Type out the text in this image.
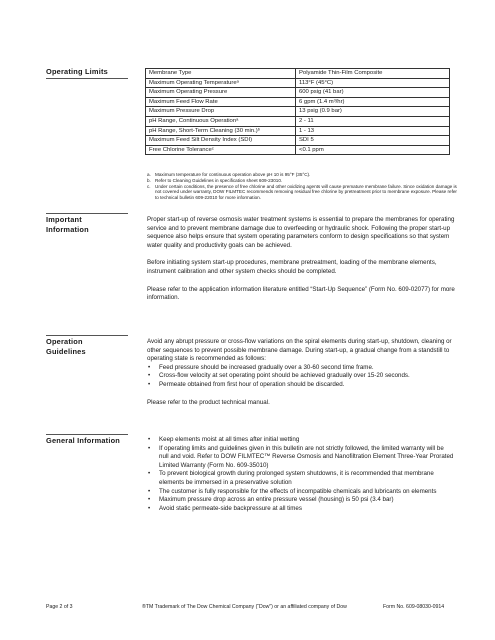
Operating Limits	Membrane Type	Polyamide Thin-Film Composite
Maximum Operating Temperatureᵃ	113°F (45°C)
Maximum Operating Pressure	600 psig (41 bar)
Maximum Feed Flow Rate	6 gpm (1.4 m³/hr)
Maximum Pressure Drop	13 psig (0.9 bar)
pH Range, Continuous Operationᵃ	2 - 11
pH Range, Short-Term Cleaning (30 min.)ᵇ	1 - 13
Maximum Feed Silt Density Index (SDI)	SDI 5
Free Chlorine Toleranceᶜ	<0.1 ppm
a. Maximum temperature for continuous operation above pH 10 is 95°F (35°C).
b. Refer to Cleaning Guidelines in specification sheet 609-23010.
c. Under certain conditions, the presence of free chlorine and other oxidizing agents will cause premature membrane failure. Since oxidation damage is not covered under warranty, DOW FILMTEC recommends removing residual free chlorine by pretreatment prior to membrane exposure. Please refer to technical bulletin 609-22010 for more information.
Important
Information

Proper start-up of reverse osmosis water treatment systems is essential to prepare the membranes for operating service and to prevent membrane damage due to overfeeding or hydraulic shock. Following the proper start-up sequence also helps ensure that system operating parameters conform to design specifications so that system water quality and productivity goals can be achieved.

Before initiating system start-up procedures, membrane pretreatment, loading of the membrane elements, instrument calibration and other system checks should be completed.

Please refer to the application information literature entitled “Start-Up Sequence” (Form No. 609-02077) for more information.

Operation
Guidelines

Avoid any abrupt pressure or cross-flow variations on the spiral elements during start-up, shutdown, cleaning or other sequences to prevent possible membrane damage. During start-up, a gradual change from a standstill to operating state is recommended as follows:

• Feed pressure should be increased gradually over a 30-60 second time frame.
• Cross-flow velocity at set operating point should be achieved gradually over 15-20 seconds.
• Permeate obtained from first hour of operation should be discarded.

Please refer to the product technical manual.

General Information	• Keep elements moist at all times after initial wetting
• If operating limits and guidelines given in this bulletin are not strictly followed, the limited warranty will be null and void. Refer to DOW FILMTEC™ Reverse Osmosis and Nanofiltration Element Three-Year Prorated Limited Warranty (Form No. 609-35010)
• To prevent biological growth during prolonged system shutdowns, it is recommended that membrane elements be immersed in a preservative solution
• The customer is fully responsible for the effects of incompatible chemicals and lubricants on elements
• Maximum pressure drop across an entire pressure vessel (housing) is 50 psi (3.4 bar)
• Avoid static permeate-side backpressure at all times
Page 2 of 3	®TM Trademark of The Dow Chemical Company (“Dow”) or an affiliated company of Dow	Form No. 609-08030-0914
